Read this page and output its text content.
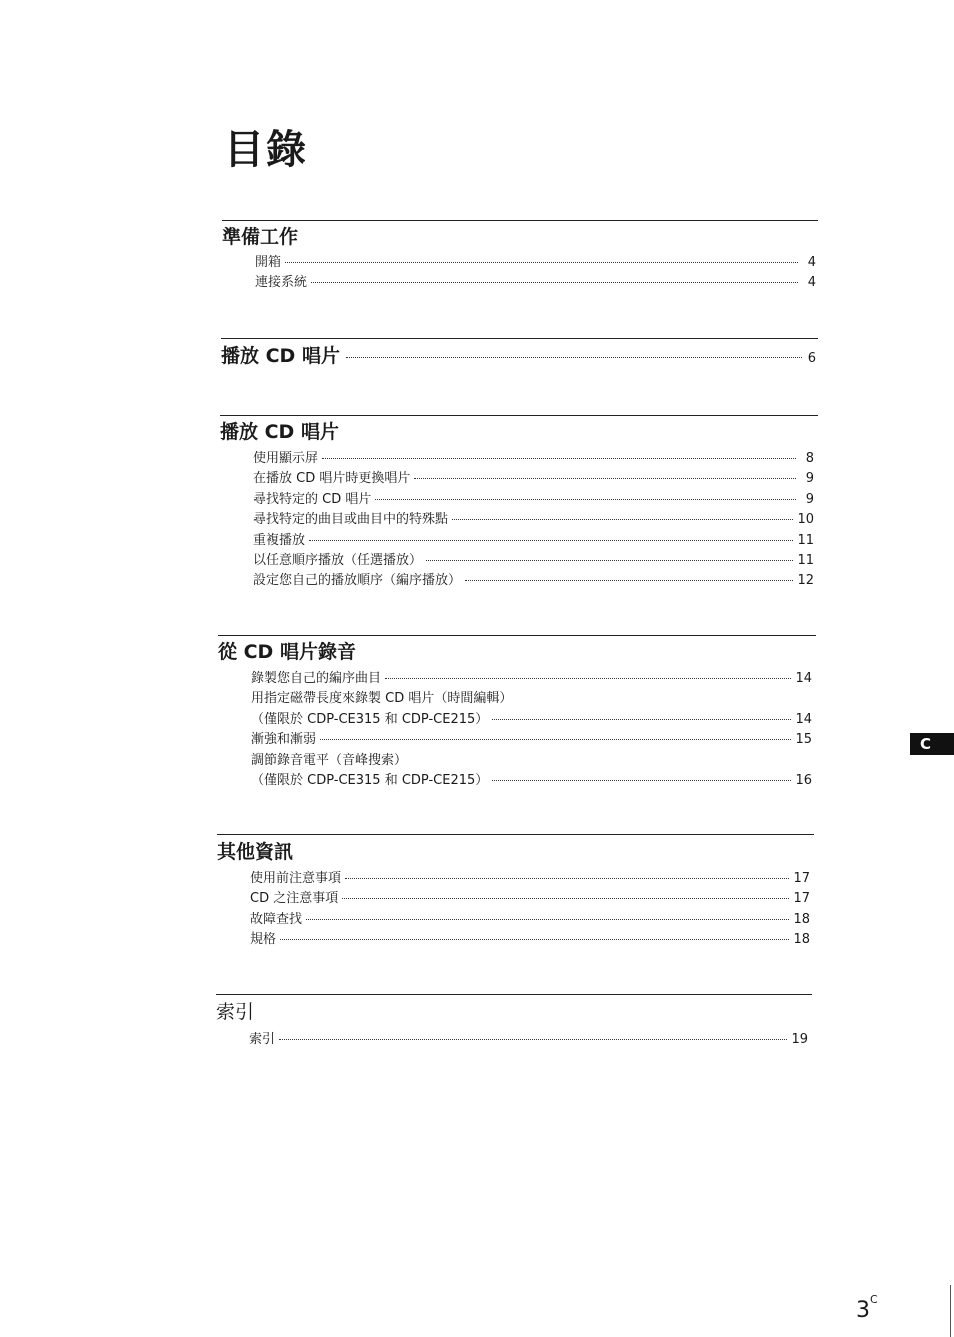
目錄
準備工作
開箱	4
連接系統	4
播放 CD 唱片	6
播放 CD 唱片
使用顯示屏	8
在播放 CD 唱片時更換唱片	9
尋找特定的 CD 唱片	9
尋找特定的曲目或曲目中的特殊點	10
重複播放	11
以任意順序播放（任選播放）	11
設定您自己的播放順序（編序播放）	12
從 CD 唱片錄音
錄製您自己的編序曲目	14
用指定磁帶長度來錄製 CD 唱片（時間編輯）
（僅限於 CDP-CE315 和 CDP-CE215）	14
漸強和漸弱	15
調節錄音電平（音峰搜索）
（僅限於 CDP-CE315 和 CDP-CE215）	16
其他資訊
使用前注意事項	17
CD 之注意事項	17
故障查找	18
規格	18
索引
索引	19
C
$3^C$
